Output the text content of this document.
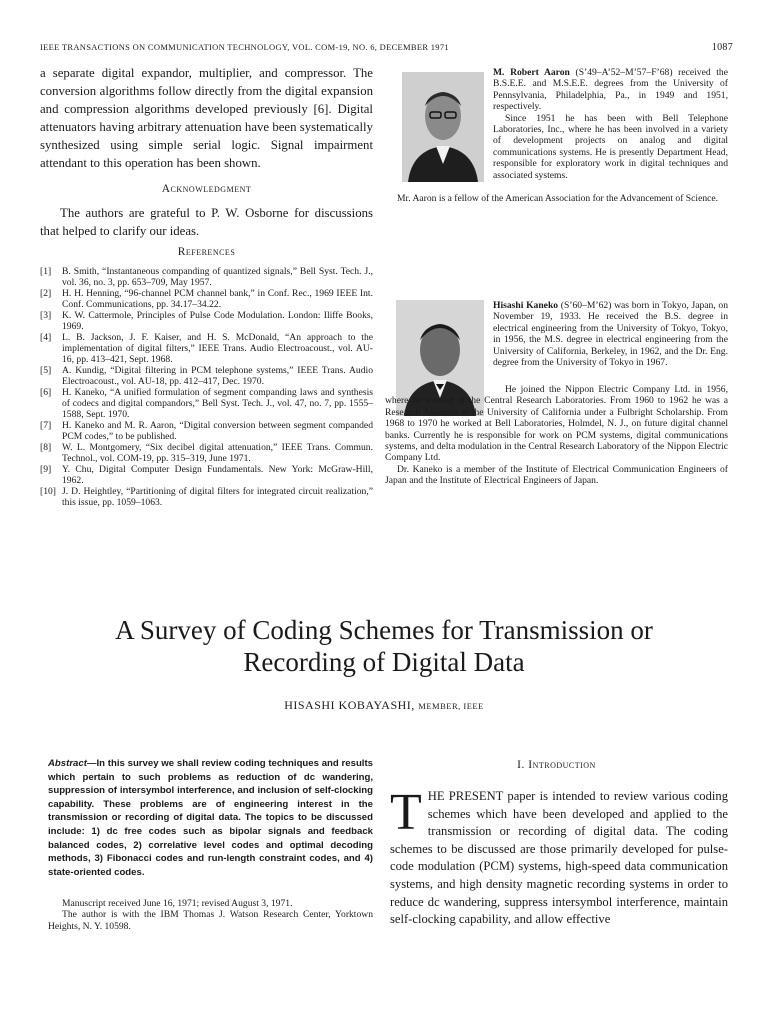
IEEE TRANSACTIONS ON COMMUNICATION TECHNOLOGY, VOL. COM-19, NO. 6, DECEMBER 1971	1087
a separate digital expandor, multiplier, and compressor. The conversion algorithms follow directly from the digital expansion and compression algorithms developed previously [6]. Digital attenuators having arbitrary attenuation have been systematically synthesized using simple serial logic. Signal impairment attendant to this operation has been shown.
Acknowledgment
The authors are grateful to P. W. Osborne for discussions that helped to clarify our ideas.
References
[1] B. Smith, “Instantaneous companding of quantized signals,” Bell Syst. Tech. J., vol. 36, no. 3, pp. 653–709, May 1957.
[2] H. H. Henning, “96-channel PCM channel bank,” in Conf. Rec., 1969 IEEE Int. Conf. Communications, pp. 34.17–34.22.
[3] K. W. Cattermole, Principles of Pulse Code Modulation. London: Iliffe Books, 1969.
[4] L. B. Jackson, J. F. Kaiser, and H. S. McDonald, “An approach to the implementation of digital filters,” IEEE Trans. Audio Electroacoust., vol. AU-16, pp. 413–421, Sept. 1968.
[5] A. Kundig, “Digital filtering in PCM telephone systems,” IEEE Trans. Audio Electroacoust., vol. AU-18, pp. 412–417, Dec. 1970.
[6] H. Kaneko, “A unified formulation of segment companding laws and synthesis of codecs and digital compandors,” Bell Syst. Tech. J., vol. 47, no. 7, pp. 1555–1588, Sept. 1970.
[7] H. Kaneko and M. R. Aaron, “Digital conversion between segment companded PCM codes,” to be published.
[8] W. L. Montgomery, “Six decibel digital attenuation,” IEEE Trans. Commun. Technol., vol. COM-19, pp. 315–319, June 1971.
[9] Y. Chu, Digital Computer Design Fundamentals. New York: McGraw-Hill, 1962.
[10] J. D. Heightley, “Partitioning of digital filters for integrated circuit realization,” this issue, pp. 1059–1063.

M. Robert Aaron (S’49–A’52–M’57–F’68) received the B.S.E.E. and M.S.E.E. degrees from the University of Pennsylvania, Philadelphia, Pa., in 1949 and 1951, respectively.

Since 1951 he has been with Bell Telephone Laboratories, Inc., where he has been involved in a variety of development projects on analog and digital communications systems. He is presently Department Head, responsible for exploratory work in digital techniques and associated systems.

Mr. Aaron is a fellow of the American Association for the Advancement of Science.

Hisashi Kaneko (S’60–M’62) was born in Tokyo, Japan, on November 19, 1933. He received the B.S. degree in electrical engineering from the University of Tokyo, Tokyo, in 1956, the M.S. degree in electrical engineering from the University of California, Berkeley, in 1962, and the Dr. Eng. degree from the University of Tokyo in 1967.

He joined the Nippon Electric Company Ltd. in 1956, where he worked at the Central Research Laboratories. From 1960 to 1962 he was a Research Assistant at the University of California under a Fulbright Scholarship. From 1968 to 1970 he worked at Bell Laboratories, Holmdel, N. J., on future digital channel banks. Currently he is responsible for work on PCM systems, digital communications systems, and delta modulation in the Central Research Laboratory of the Nippon Electric Company Ltd.

Dr. Kaneko is a member of the Institute of Electrical Communication Engineers of Japan and the Institute of Electrical Engineers of Japan.

A Survey of Coding Schemes for Transmission or
Recording of Digital Data
HISASHI KOBAYASHI, MEMBER, IEEE
Abstract—In this survey we shall review coding techniques and results which pertain to such problems as reduction of dc wandering, suppression of intersymbol interference, and inclusion of self-clocking capability. These problems are of engineering interest in the transmission or recording of digital data. The topics to be discussed include: 1) dc free codes such as bipolar signals and feedback balanced codes, 2) correlative level codes and optimal decoding methods, 3) Fibonacci codes and run-length constraint codes, and 4) state-oriented codes.
Manuscript received June 16, 1971; revised August 3, 1971.
The author is with the IBM Thomas J. Watson Research Center, Yorktown Heights, N. Y. 10598.
I. Introduction
THE PRESENT paper is intended to review various coding schemes which have been developed and applied to the transmission or recording of digital data. The coding schemes to be discussed are those primarily developed for pulse-code modulation (PCM) systems, high-speed data communication systems, and high density magnetic recording systems in order to reduce dc wandering, suppress intersymbol interference, maintain self-clocking capability, and allow effective
